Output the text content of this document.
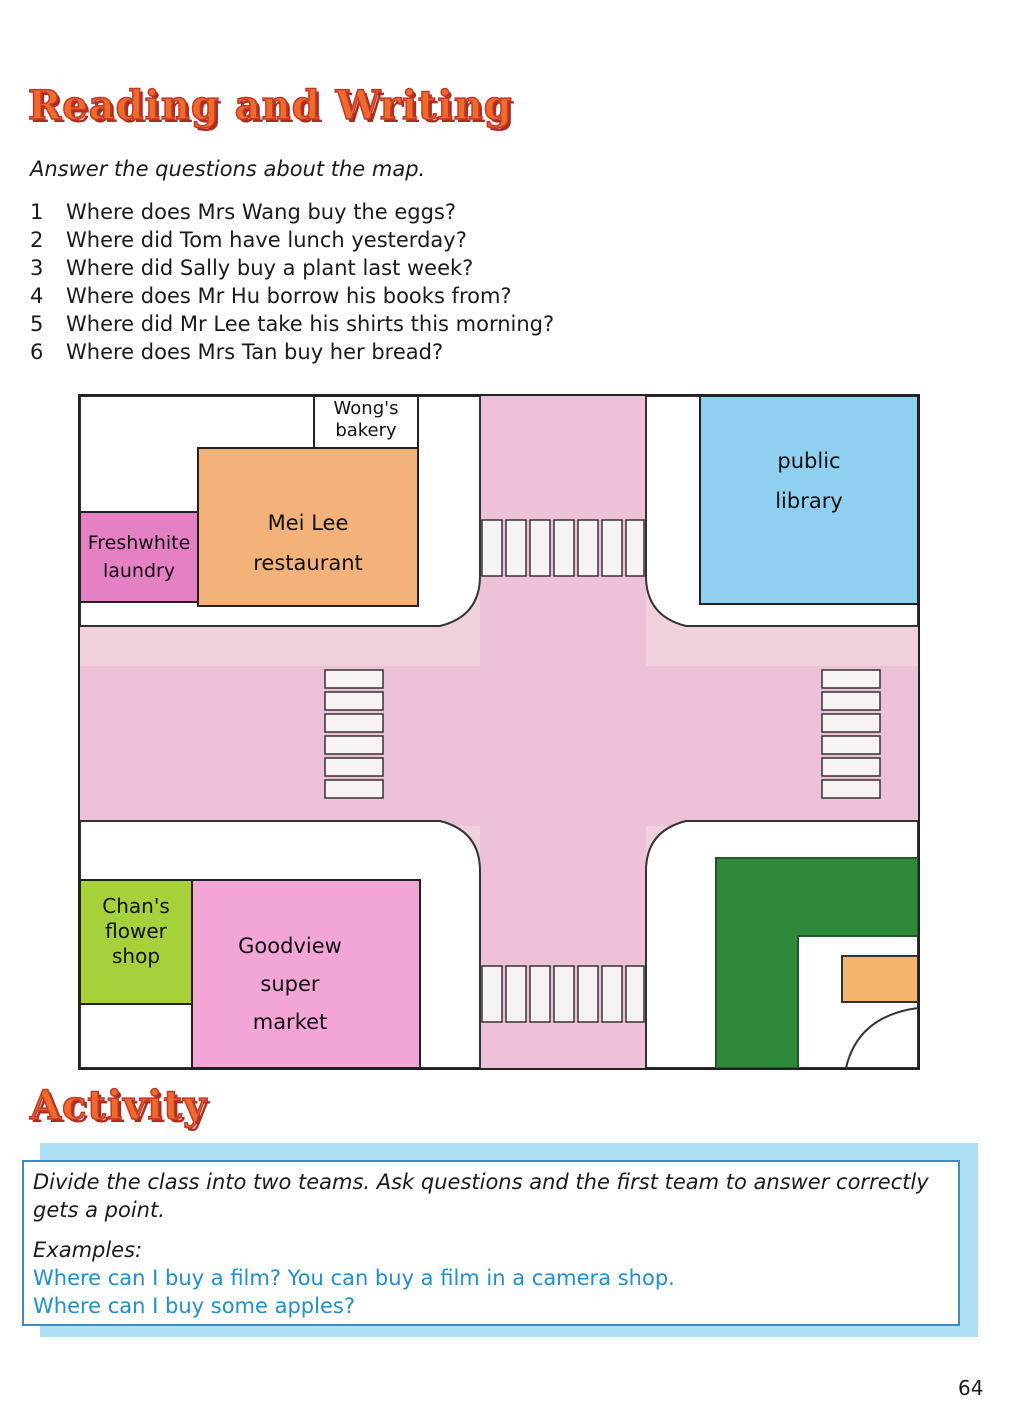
Reading and Writing
Answer the questions about the map.
1	Where does Mrs Wang buy the eggs?
2	Where did Tom have lunch yesterday?
3	Where did Sally buy a plant last week?
4	Where does Mr Hu borrow his books from?
5	Where did Mr Lee take his shirts this morning?
6	Where does Mrs Tan buy her bread?
Wong's
bakery
Mei Lee
restaurant
Freshwhite
laundry
public
library
Chan's
flower
shop	Goodview
super
market
Activity
Divide the class into two teams. Ask questions and the first team to answer correctly gets a point.
Examples:
Where can I buy a film? You can buy a film in a camera shop.
Where can I buy some apples?
64
